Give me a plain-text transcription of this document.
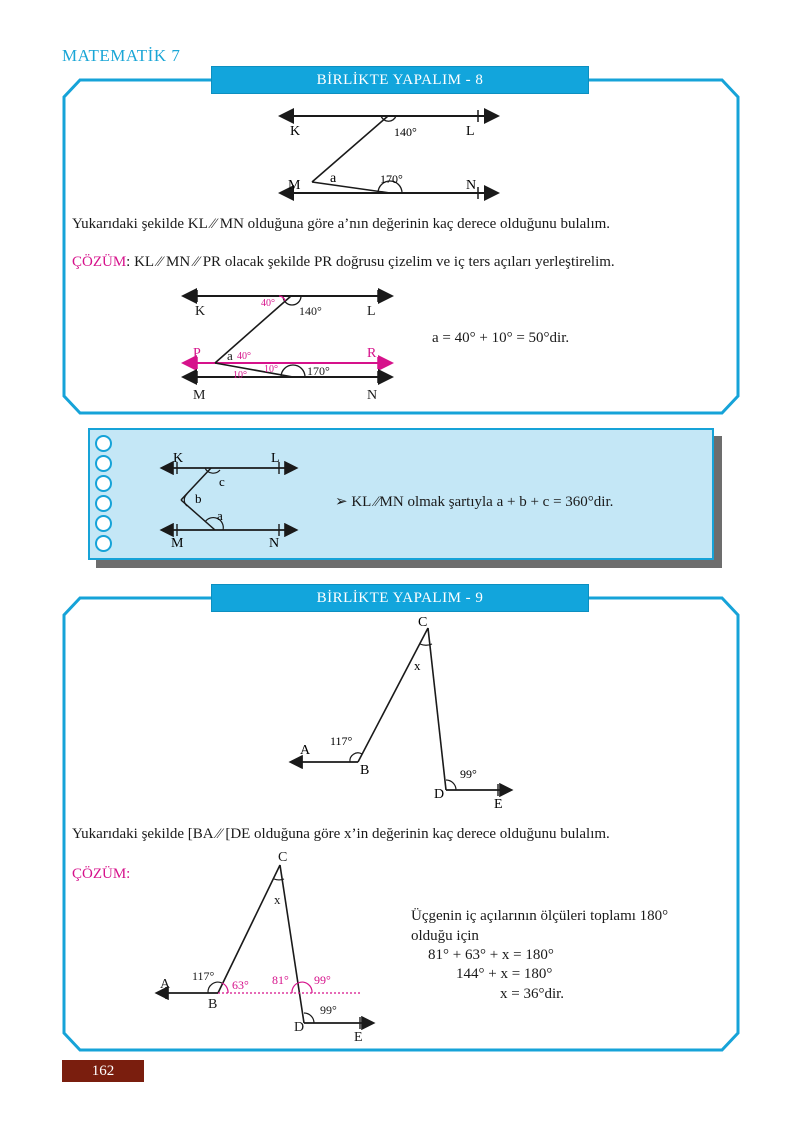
MATEMATİK 7
BİRLİKTE YAPALIM - 8
K	L
M	N
a
140°
170°
Yukarıdaki şekilde KL ⁄⁄ MN olduğuna göre a’nın değerinin kaç derece olduğunu bulalım.
ÇÖZÜM: KL ⁄⁄ MN ⁄⁄ PR olacak şekilde PR doğrusu çizelim ve iç ters açıları yerleştirelim.
K	L
P	R
M	N
a 40°
40°
140°
10°
10°	170°
a = 40° + 10° = 50°dir.
K	L
M	N
c
b
a
➢ KL ⁄⁄MN olmak şartıyla a + b + c = 360°dir.
BİRLİKTE YAPALIM - 9
C
x
117°
A
B	99°
D
E
Yukarıdaki şekilde [BA ⁄⁄ [DE olduğuna göre x’in değerinin kaç derece olduğunu bulalım.
ÇÖZÜM:
C
x
117°
A
B
63° 81° 99°
99°
D
E
Üçgenin iç açılarının ölçüleri toplamı 180°
olduğu için
81° + 63° + x = 180°
144° + x = 180°
x = 36°dir.
162
